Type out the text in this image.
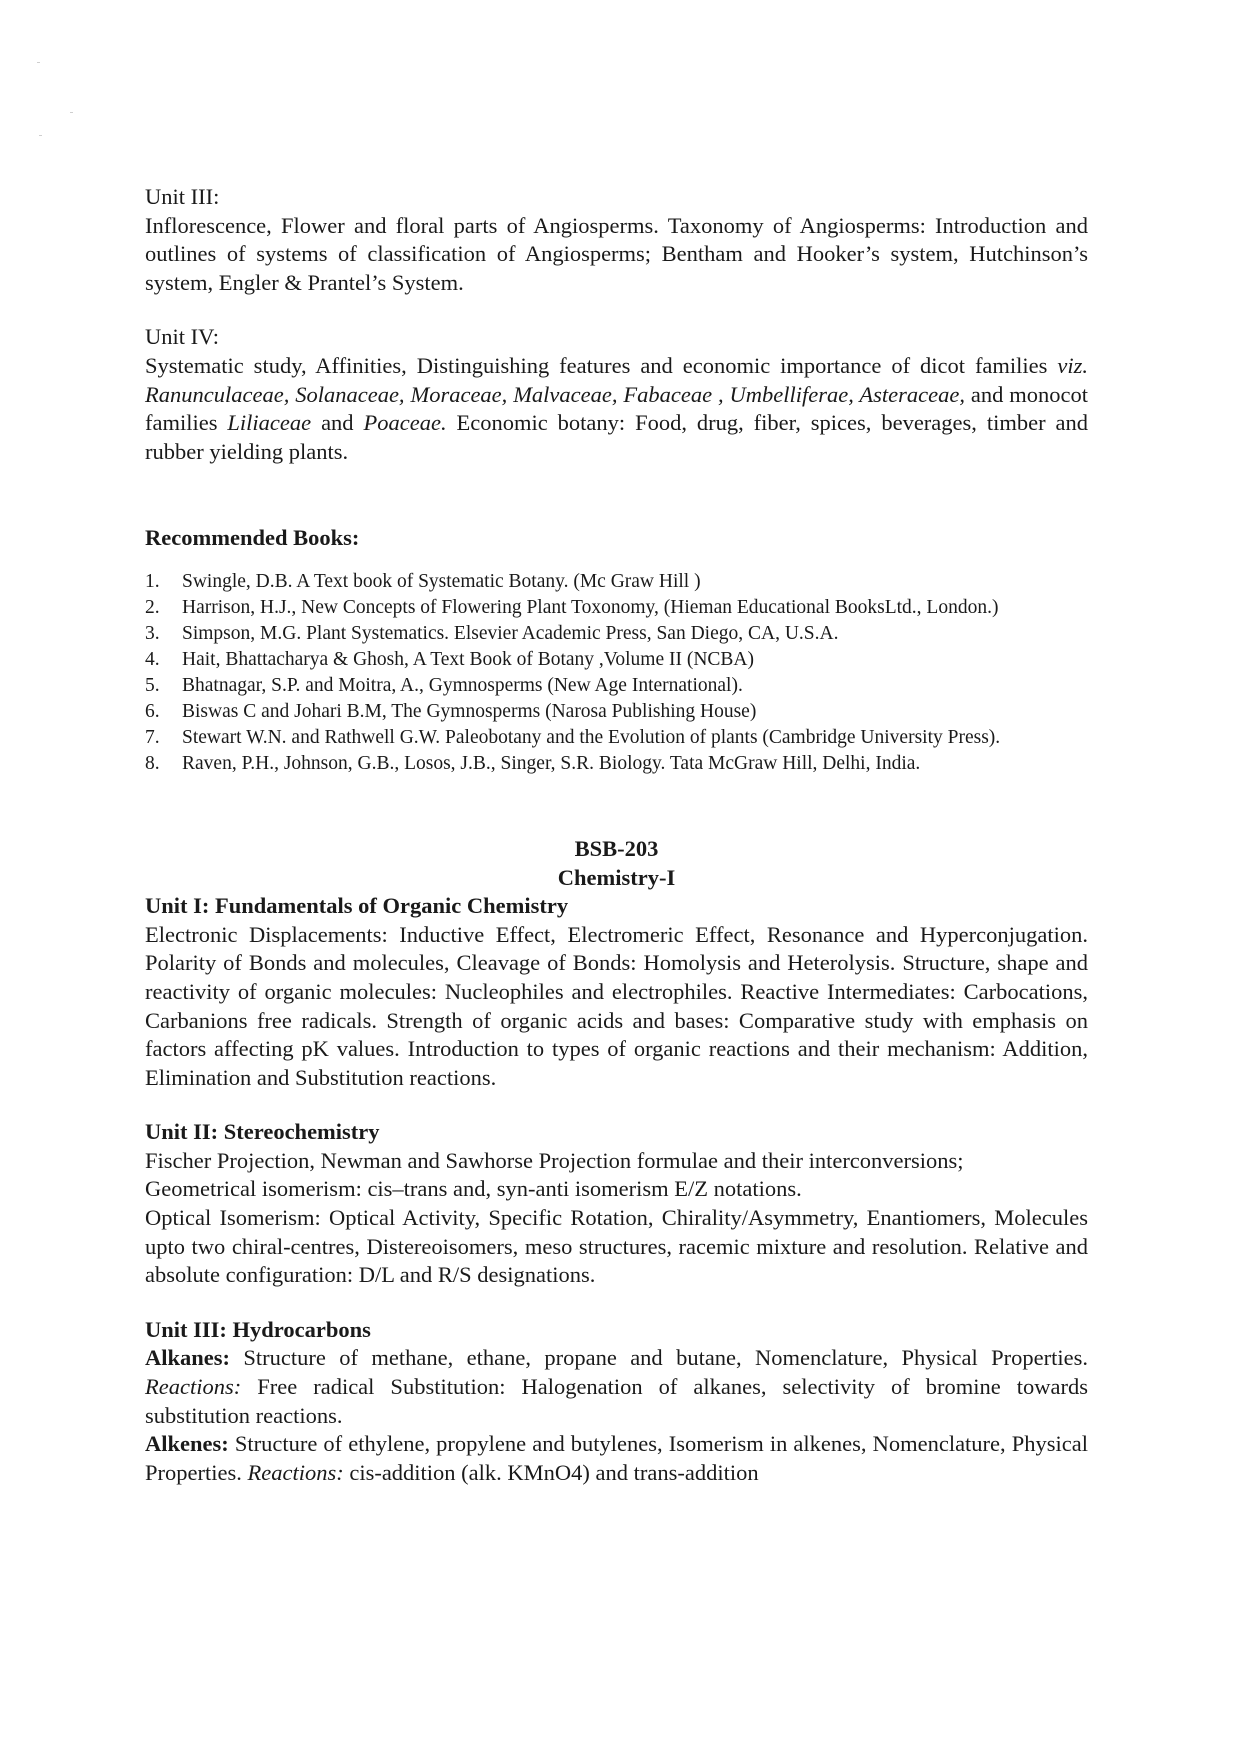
Unit III:

Inflorescence, Flower and floral parts of Angiosperms. Taxonomy of Angiosperms: Introduction and outlines of systems of classification of Angiosperms; Bentham and Hooker’s system, Hutchinson’s system, Engler & Prantel’s System.

Unit IV:

Systematic study, Affinities, Distinguishing features and economic importance of dicot families viz. Ranunculaceae, Solanaceae, Moraceae, Malvaceae, Fabaceae , Umbelliferae, Asteraceae, and monocot families Liliaceae and Poaceae. Economic botany: Food, drug, fiber, spices, beverages, timber and rubber yielding plants.

Recommended Books:

1. Swingle, D.B. A Text book of Systematic Botany. (Mc Graw Hill )
2. Harrison, H.J., New Concepts of Flowering Plant Toxonomy, (Hieman Educational BooksLtd., London.)
3. Simpson, M.G. Plant Systematics. Elsevier Academic Press, San Diego, CA, U.S.A.
4. Hait, Bhattacharya & Ghosh, A Text Book of Botany ,Volume II (NCBA)
5. Bhatnagar, S.P. and Moitra, A., Gymnosperms (New Age International).
6. Biswas C and Johari B.M, The Gymnosperms (Narosa Publishing House)
7. Stewart W.N. and Rathwell G.W. Paleobotany and the Evolution of plants (Cambridge University Press).
8. Raven, P.H., Johnson, G.B., Losos, J.B., Singer, S.R. Biology. Tata McGraw Hill, Delhi, India.

BSB-203

Chemistry-I

Unit I: Fundamentals of Organic Chemistry

Electronic Displacements: Inductive Effect, Electromeric Effect, Resonance and Hyperconjugation. Polarity of Bonds and molecules, Cleavage of Bonds: Homolysis and Heterolysis. Structure, shape and reactivity of organic molecules: Nucleophiles and electrophiles. Reactive Intermediates: Carbocations, Carbanions free radicals. Strength of organic acids and bases: Comparative study with emphasis on factors affecting pK values. Introduction to types of organic reactions and their mechanism: Addition, Elimination and Substitution reactions.

Unit II: Stereochemistry

Fischer Projection, Newman and Sawhorse Projection formulae and their interconversions;

Geometrical isomerism: cis–trans and, syn-anti isomerism E/Z notations.

Optical Isomerism: Optical Activity, Specific Rotation, Chirality/Asymmetry, Enantiomers, Molecules upto two chiral-centres, Distereoisomers, meso structures, racemic mixture and resolution. Relative and absolute configuration: D/L and R/S designations.

Unit III: Hydrocarbons

Alkanes: Structure of methane, ethane, propane and butane, Nomenclature, Physical Properties. Reactions: Free radical Substitution: Halogenation of alkanes, selectivity of bromine towards substitution reactions.

Alkenes: Structure of ethylene, propylene and butylenes, Isomerism in alkenes, Nomenclature, Physical Properties. Reactions: cis-addition (alk. KMnO4) and trans-addition
